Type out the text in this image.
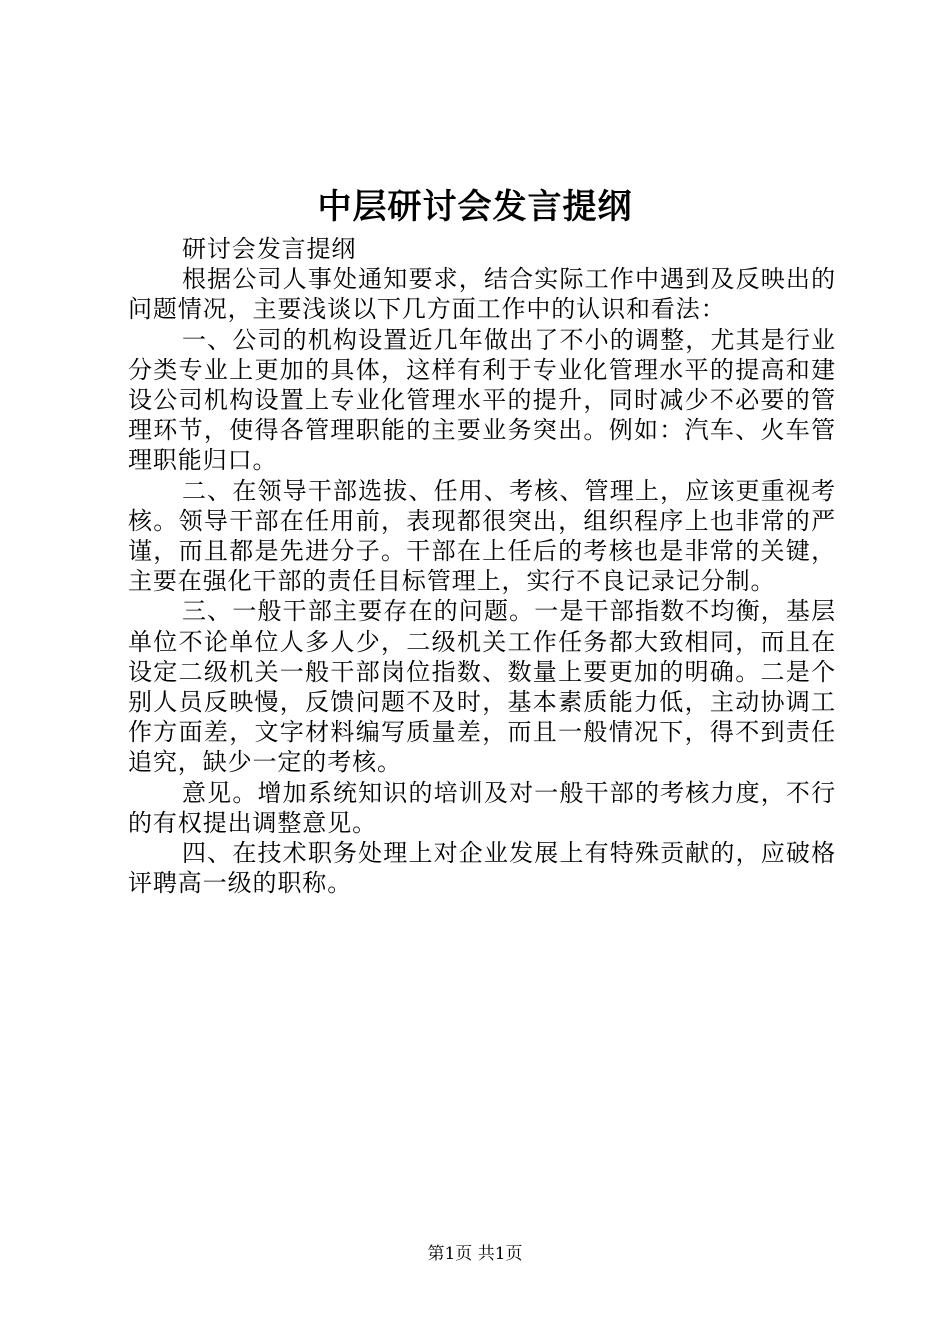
中层研讨会发言提纲

研讨会发言提纲

根据公司人事处通知要求，结合实际工作中遇到及反映出的问题情况，主要浅谈以下几方面工作中的认识和看法：

一、公司的机构设置近几年做出了不小的调整，尤其是行业分类专业上更加的具体，这样有利于专业化管理水平的提高和建设公司机构设置上专业化管理水平的提升，同时减少不必要的管理环节，使得各管理职能的主要业务突出。例如：汽车、火车管理职能归口。

二、在领导干部选拔、任用、考核、管理上，应该更重视考核。领导干部在任用前，表现都很突出，组织程序上也非常的严谨，而且都是先进分子。干部在上任后的考核也是非常的关键，主要在强化干部的责任目标管理上，实行不良记录记分制。

三、一般干部主要存在的问题。一是干部指数不均衡，基层单位不论单位人多人少，二级机关工作任务都大致相同，而且在设定二级机关一般干部岗位指数、数量上要更加的明确。二是个别人员反映慢，反馈问题不及时，基本素质能力低，主动协调工作方面差，文字材料编写质量差，而且一般情况下，得不到责任追究，缺少一定的考核。

意见。增加系统知识的培训及对一般干部的考核力度，不行的有权提出调整意见。

四、在技术职务处理上对企业发展上有特殊贡献的，应破格评聘高一级的职称。

第1页 共1页
